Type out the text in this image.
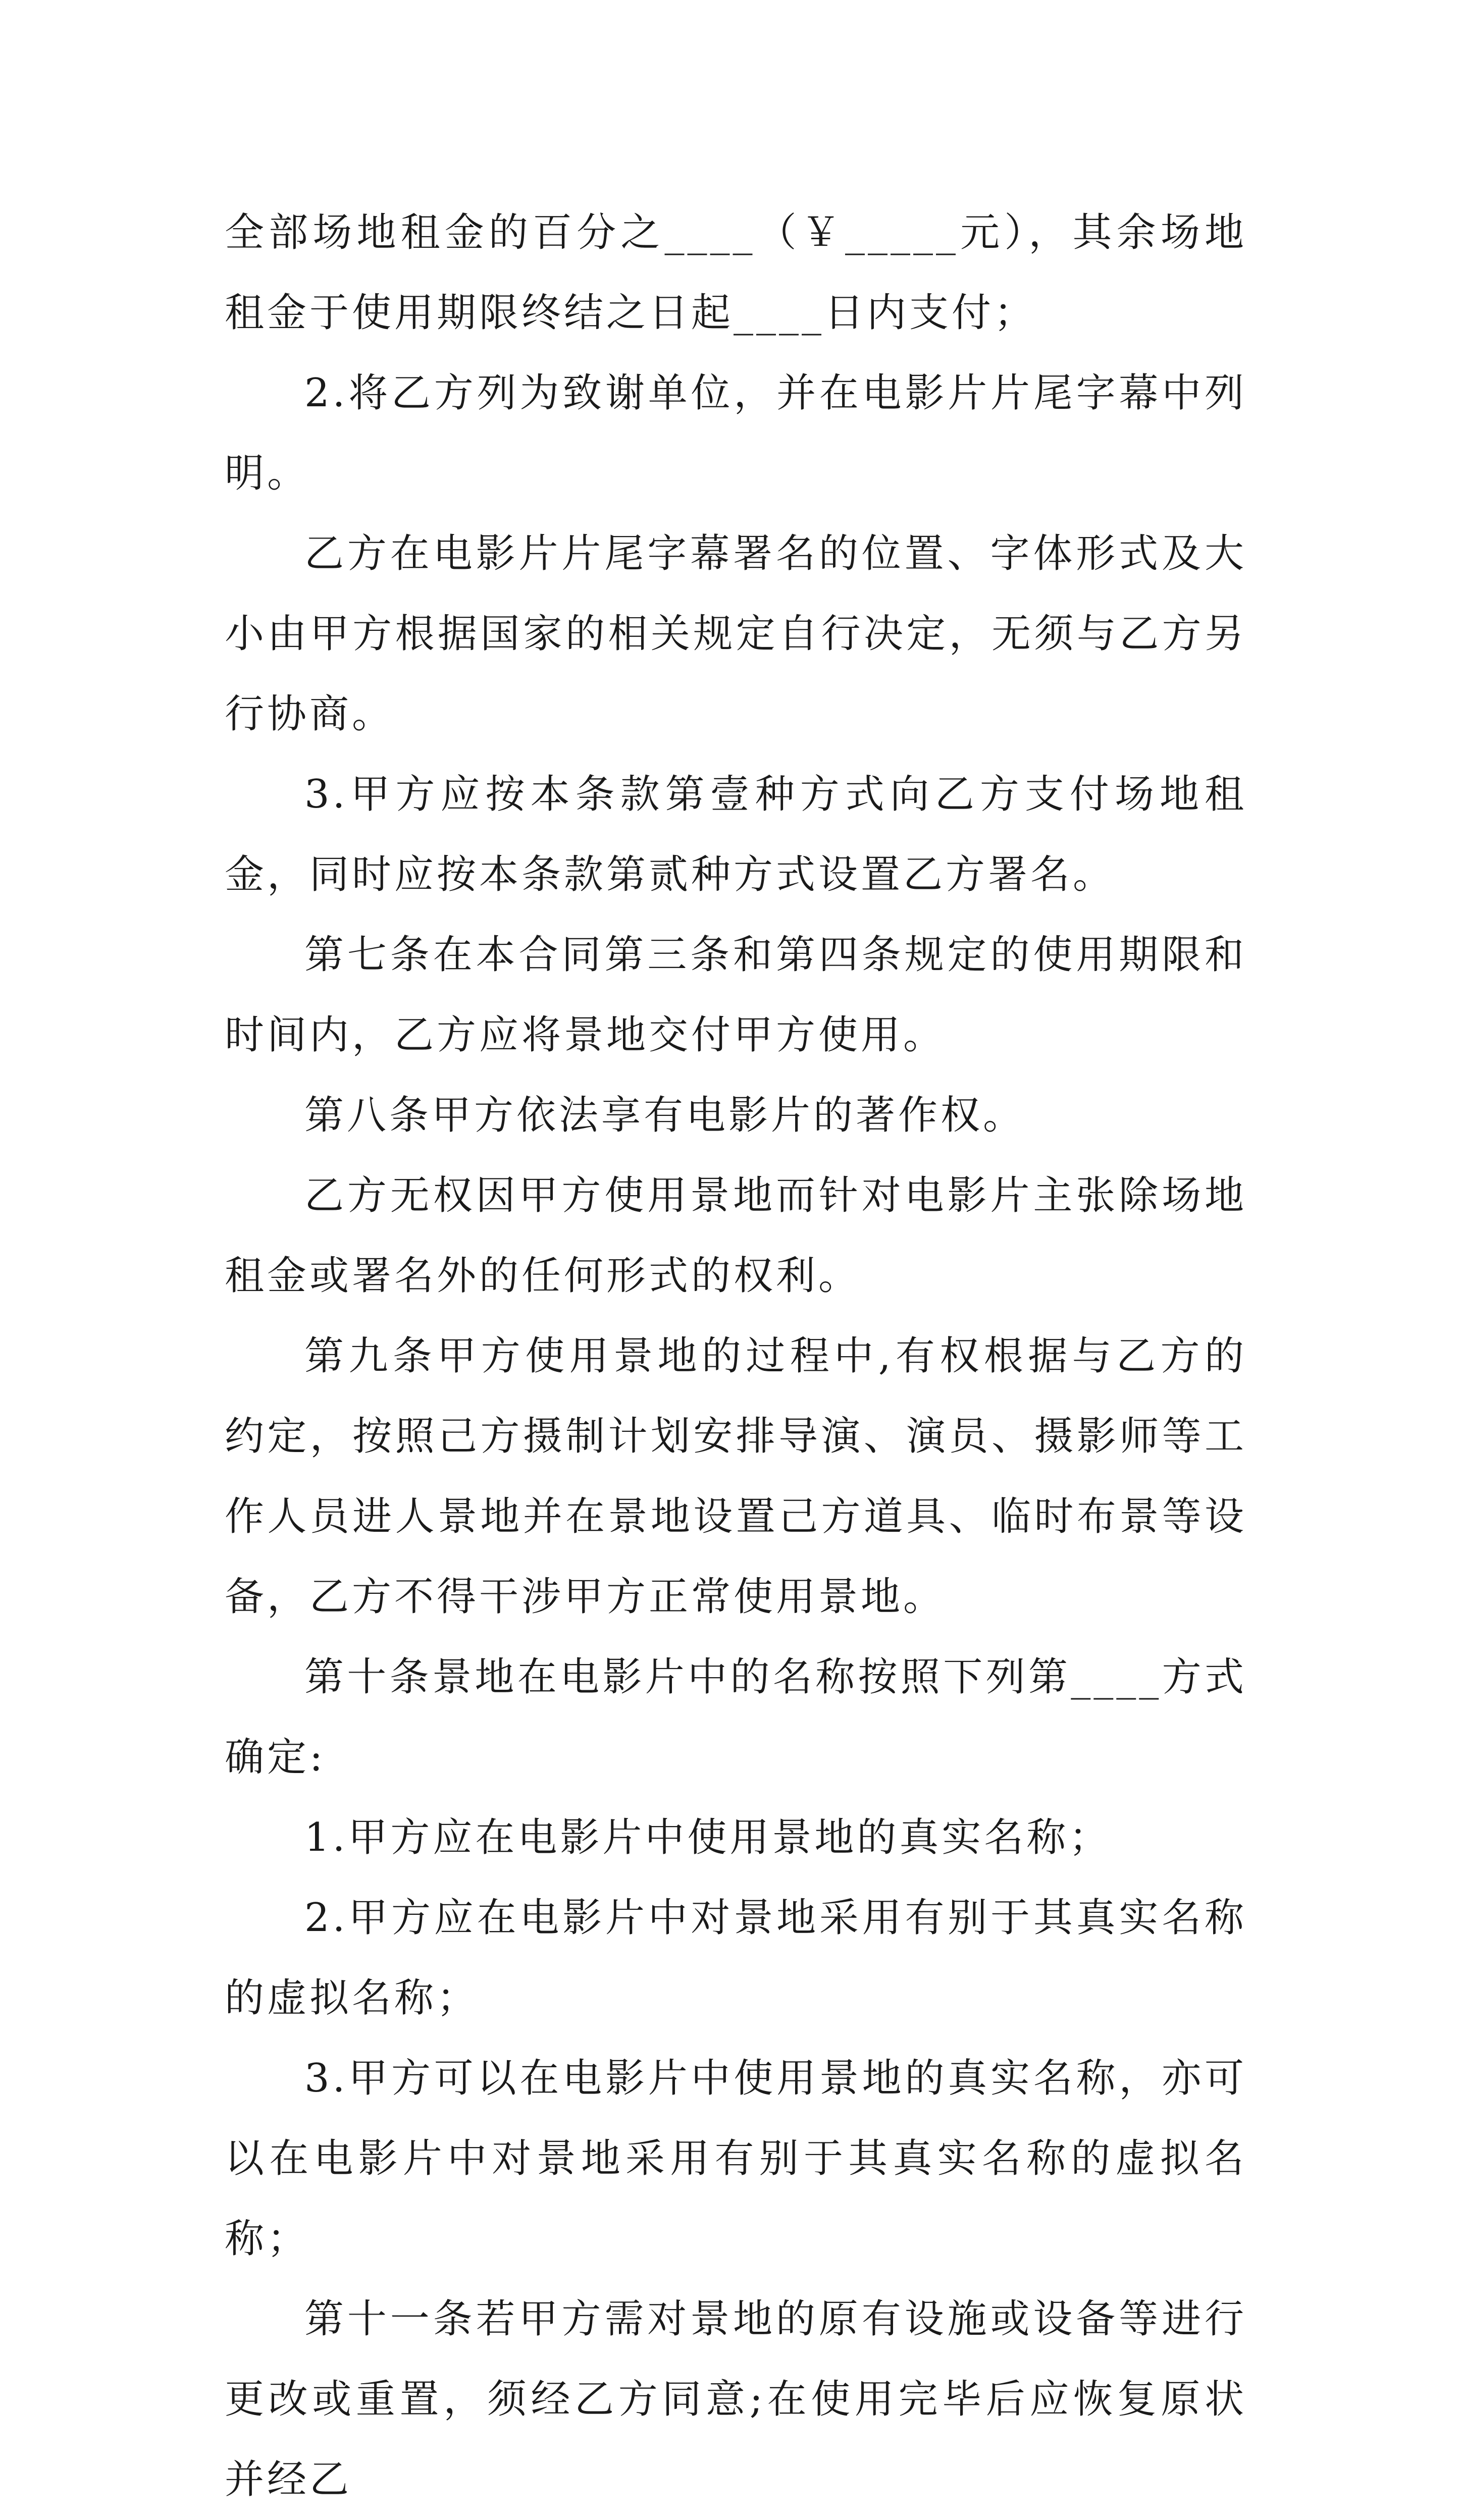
全部场地租金的百分之____（￥_____元），其余场地租金于使用期限终结之日起____日内支付；

2.将乙方列为致谢单位，并在电影片片尾字幕中列明。

乙方在电影片片尾字幕署名的位置、字体形式及大小由甲方根据国家的相关规定自行决定，无须与乙方另行协商。

3.甲方应按本条款第壹种方式向乙方支付场地租金，同时应按本条款第贰种方式设置乙方署名。

第七条在本合同第三条和第四条规定的使用期限和时间内，乙方应将景地交付甲方使用。

第八条甲方依法享有电影片的著作权。

乙方无权因甲方使用景地而针对电影片主张除场地租金或署名外的任何形式的权利。

第九条甲方使用景地的过程中,有权根据与乙方的约定，按照己方摄制计划安排导演、演员、摄影师等工作人员进人景地并在景地设置己方道具、临时布景等设备，乙方不得干涉甲方正常使用景地。

第十条景地在电影片中的名称按照下列第____方式确定:

1.甲方应在电影片中使用景地的真实名称；

2.甲方应在电影片中对景地采用有别于其真实名称的虚拟名称；

3.甲方可以在电影片中使用景地的真实名称，亦可以在电影片中对景地采用有别于其真实名称的虚拟名称；

第十一条若甲方需对景地的原有设施或设备等进行更改或重置，须经乙方同意;在使用完毕后应恢复原状并经乙
